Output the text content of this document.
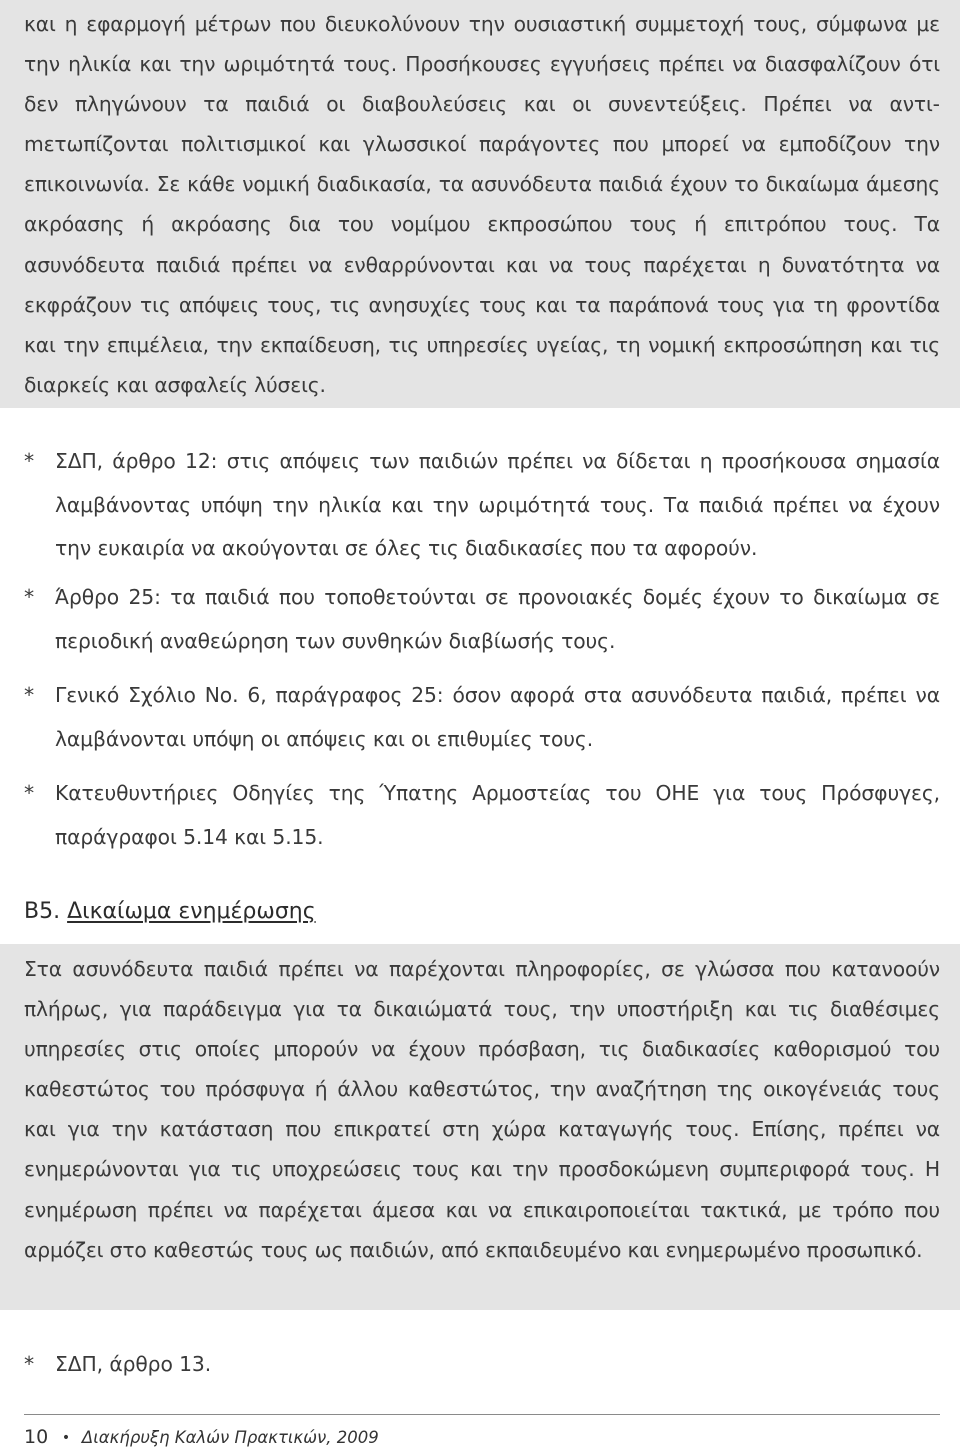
και η εφαρμογή μέτρων που διευκολύνουν την ουσιαστική συμμετοχή τους, σύμφωνα με την ηλικία και την ωριμότητά τους. Προσήκουσες εγγυήσεις πρέπει να διασφαλίζουν ότι δεν πληγώνουν τα παιδιά οι διαβουλεύσεις και οι συνεντεύξεις. Πρέπει να αντιmετωπίζονται πολιτισμικοί και γλωσσικοί παράγοντες που μπορεί να εμποδίζουν την επικοινωνία. Σε κάθε νομική διαδικασία, τα ασυνόδευτα παιδιά έχουν το δικαίωμα άμεσης ακρόασης ή ακρόασης δια του νομίμου εκπροσώπου τους ή επιτρόπου τους. Τα ασυνόδευτα παιδιά πρέπει να ενθαρρύνονται και να τους παρέχεται η δυνατότητα να εκφράζουν τις απόψεις τους, τις ανησυχίες τους και τα παράπονά τους για τη φροντίδα και την επιμέλεια, την εκπαίδευση, τις υπηρεσίες υγείας, τη νομική εκπροσώπηση και τις διαρκείς και ασφαλείς λύσεις.

*	ΣΔΠ, άρθρο 12: στις απόψεις των παιδιών πρέπει να δίδεται η προσήκουσα σημασία λαμβάνοντας υπόψη την ηλικία και την ωριμότητά τους. Τα παιδιά πρέπει να έχουν την ευκαιρία να ακούγονται σε όλες τις διαδικασίες που τα αφορούν.
*	Άρθρο 25: τα παιδιά που τοποθετούνται σε προνοιακές δομές έχουν το δικαίωμα σε περιοδική αναθεώρηση των συνθηκών διαβίωσής τους.
*	Γενικό Σχόλιο Νο. 6, παράγραφος 25: όσον αφορά στα ασυνόδευτα παιδιά, πρέπει να λαμβάνονται υπόψη οι απόψεις και οι επιθυμίες τους.
*	Κατευθυντήριες Οδηγίες της Ύπατης Αρμοστείας του ΟΗΕ για τους Πρόσφυγες, παράγραφοι 5.14 και 5.15.
Β5. Δικαίωμα ενημέρωσης

Στα ασυνόδευτα παιδιά πρέπει να παρέχονται πληροφορίες, σε γλώσσα που κατανοούν πλήρως, για παράδειγμα για τα δικαιώματά τους, την υποστήριξη και τις διαθέσιμες υπηρεσίες στις οποίες μπορούν να έχουν πρόσβαση, τις διαδικασίες καθορισμού του καθεστώτος του πρόσφυγα ή άλλου καθεστώτος, την αναζήτηση της οικογένειάς τους και για την κατάσταση που επικρατεί στη χώρα καταγωγής τους. Επίσης, πρέπει να ενημερώνονται για τις υποχρεώσεις τους και την προσδοκώμενη συμπεριφορά τους. Η ενημέρωση πρέπει να παρέχεται άμεσα και να επικαιροποιείται τακτικά, με τρόπο που αρμόζει στο καθεστώς τους ως παιδιών, από εκπαιδευμένο και ενημερωμένο προσωπικό.

*	ΣΔΠ, άρθρο 13.
10 • Διακήρυξη Καλών Πρακτικών, 2009
